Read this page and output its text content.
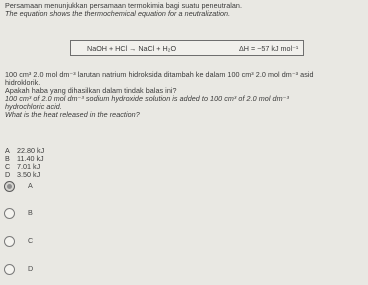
Persamaan menunjukkan persamaan termokimia bagi suatu peneutralan.
The equation shows the thermochemical equation for a neutralization.
NaOH + HCl → NaCl + H₂O	ΔH = −57 kJ mol⁻¹
100 cm³ 2.0 mol dm⁻³ larutan natrium hidroksida ditambah ke dalam 100 cm³ 2.0 mol dm⁻³ asid
hidroklorik.
Apakah haba yang dihasilkan dalam tindak balas ini?
100 cm³ of 2.0 mol dm⁻³ sodium hydroxide solution is added to 100 cm³ of 2.0 mol dm⁻³
hydrochloric acid.
What is the heat released in the reaction?
A 22.80 kJ
B 11.40 kJ
C 7.01 kJ
D 3.50 kJ
A
B
C
D
